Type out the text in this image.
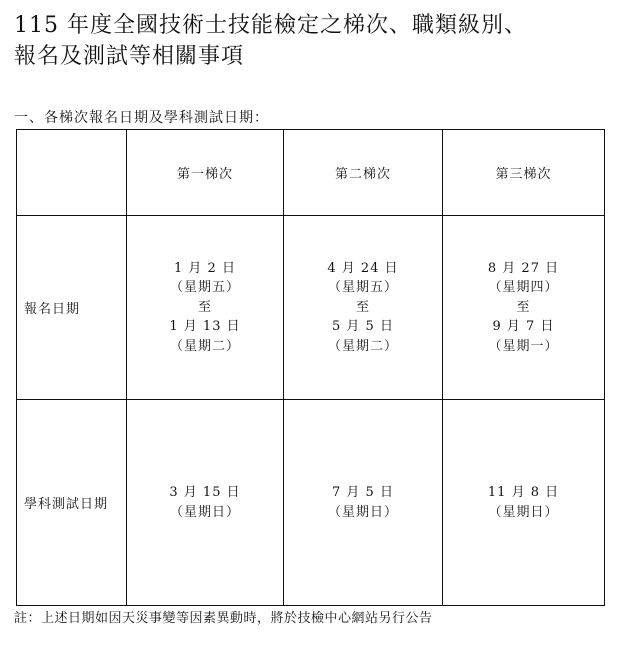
115 年度全國技術士技能檢定之梯次、職類級別、
報名及測試等相關事項

一、各梯次報名日期及學科測試日期：

	第一梯次	第二梯次	第三梯次
報名日期	1 月 2 日
（星期五）
至
1 月 13 日
（星期二）	4 月 24 日
（星期五）
至
5 月 5 日
（星期二）	8 月 27 日
（星期四）
至
9 月 7 日
（星期一）

學科測試日期	3 月 15 日
（星期日）	7 月 5 日
（星期日）	11 月 8 日
（星期日）

註：上述日期如因天災事變等因素異動時，將於技檢中心網站另行公告
